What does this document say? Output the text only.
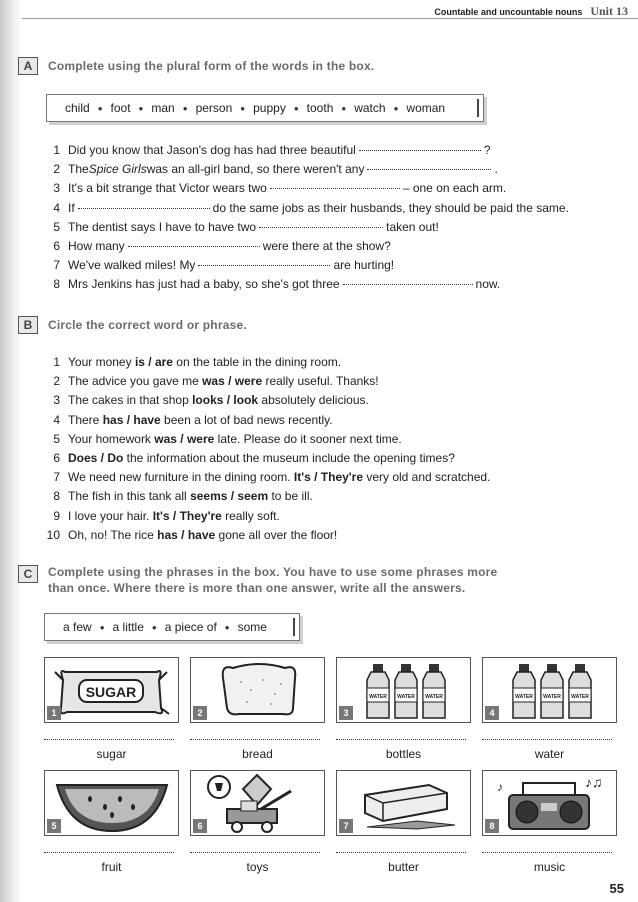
Countable and uncountable nouns Unit 13
A	Complete using the plural form of the words in the box.
child ● foot ● man ● person ● puppy ● tooth ● watch ● woman
1 Did you know that Jason's dog has had three beautiful	?
2 The Spice Girls was an all-girl band, so there weren't any	.
3 It's a bit strange that Victor wears two	– one on each arm.
4 If	do the same jobs as their husbands, they should be paid the same.
5 The dentist says I have to have two	taken out!
6 How many	were there at the show?
7 We've walked miles! My	are hurting!
8 Mrs Jenkins has just had a baby, so she's got three	now.
B	Circle the correct word or phrase.
1 Your money is / are on the table in the dining room.
2 The advice you gave me was / were really useful. Thanks!
3 The cakes in that shop looks / look absolutely delicious.
4 There has / have been a lot of bad news recently.
5 Your homework was / were late. Please do it sooner next time.
6 Does / Do the information about the museum include the opening times?
7 We need new furniture in the dining room. It's / They're very old and scratched.
8 The fish in this tank all seems / seem to be ill.
9 I love your hair. It's / They're really soft.
10 Oh, no! The rice has / have gone all over the floor!
C	Complete using the phrases in the box. You have to use some phrases more
than once. Where there is more than one answer, write all the answers.
a few ● a little ● a piece of ● some
SUGAR
1
sugar
2
bread
WATER WATER WATER
3
bottles
WATER WATER WATER
4
water
5
fruit
6
toys
7
butter
♪♫
♪
8
music
55
